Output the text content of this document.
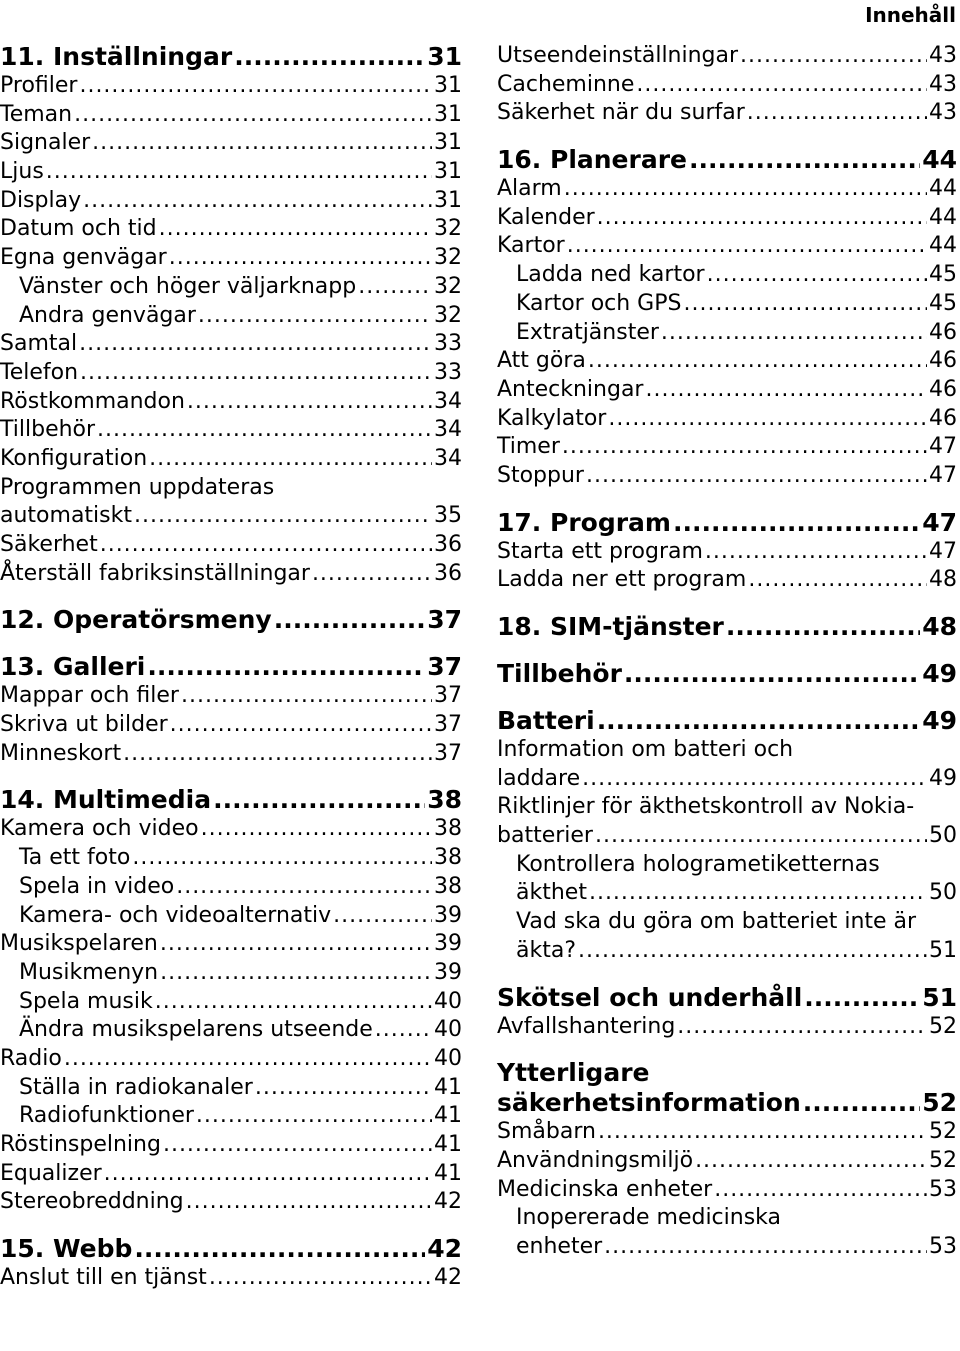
Innehåll
11. Inställningar .....	31
Profiler .....	31
Teman .....	31
Signaler .....	31
Ljus .....	31
Display .....	31
Datum och tid .....	32
Egna genvägar .....	32
Vänster och höger väljarknapp .....	32
Andra genvägar .....	32
Samtal .....	33
Telefon .....	33
Röstkommandon .....	34
Tillbehör .....	34
Konfiguration .....	34
Programmen uppdateras
automatiskt .....	35
Säkerhet .....	36
Återställ fabriksinställningar .....	36
12. Operatörsmeny .....	37
13. Galleri .....	37
Mappar och filer .....	37
Skriva ut bilder .....	37
Minneskort .....	37
14. Multimedia .....	38
Kamera och video .....	38
Ta ett foto .....	38
Spela in video .....	38
Kamera- och videoalternativ .....	39
Musikspelaren .....	39
Musikmenyn .....	39
Spela musik .....	40
Ändra musikspelarens utseende .....	40
Radio .....	40
Ställa in radiokanaler .....	41
Radiofunktioner .....	41
Röstinspelning .....	41
Equalizer .....	41
Stereobreddning .....	42
15. Webb .....	42
Anslut till en tjänst .....	42
Utseendeinställningar .....	43
Cacheminne .....	43
Säkerhet när du surfar .....	43
16. Planerare .....	44
Alarm .....	44
Kalender .....	44
Kartor .....	44
Ladda ned kartor .....	45
Kartor och GPS .....	45
Extratjänster .....	46
Att göra .....	46
Anteckningar .....	46
Kalkylator .....	46
Timer .....	47
Stoppur .....	47
17. Program .....	47
Starta ett program .....	47
Ladda ner ett program .....	48
18. SIM-tjänster .....	48
Tillbehör .....	49
Batteri .....	49
Information om batteri och
laddare .....	49
Riktlinjer för äkthetskontroll av Nokia-
batterier .....	50
Kontrollera hologrametiketternas
äkthet .....	50
Vad ska du göra om batteriet inte är
äkta? .....	51
Skötsel och underhåll .....	51
Avfallshantering .....	52
Ytterligare
säkerhetsinformation .....	52
Småbarn .....	52
Användningsmiljö .....	52
Medicinska enheter .....	53
Inopererade medicinska
enheter .....	53
